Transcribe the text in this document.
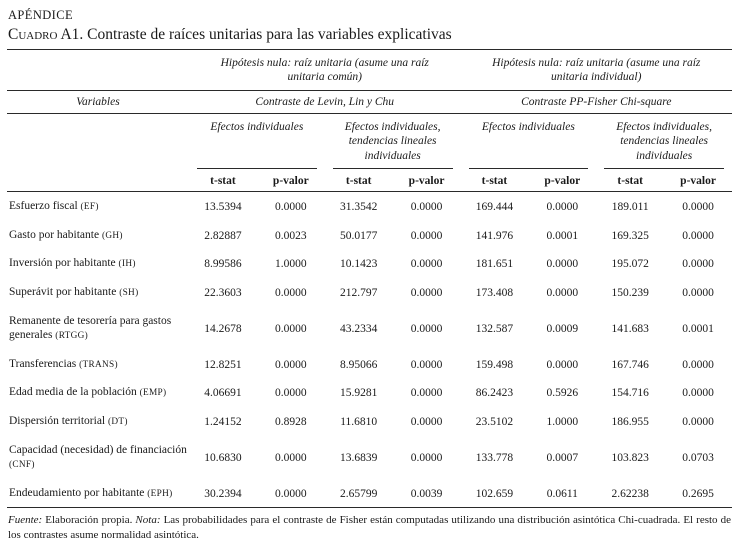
APÉNDICE
Cuadro A1. Contraste de raíces unitarias para las variables explicativas
	Hipótesis nula: raíz unitaria (asume una raíz unitaria común)				Hipótesis nula: raíz unitaria (asume una raíz unitaria individual)			
Variables	Contraste de Levin, Lin y Chu				Contraste PP-Fisher Chi-square			
	Efectos individuales		Efectos individuales, tendencias lineales individuales		Efectos individuales		Efectos individuales, tendencias lineales individuales	
	t-stat	p-valor	t-stat	p-valor	t-stat	p-valor	t-stat	p-valor
Esfuerzo fiscal (EF)	13.5394	0.0000	31.3542	0.0000	169.444	0.0000	189.011	0.0000
Gasto por habitante (GH)	2.82887	0.0023	50.0177	0.0000	141.976	0.0001	169.325	0.0000
Inversión por habitante (IH)	8.99586	1.0000	10.1423	0.0000	181.651	0.0000	195.072	0.0000
Superávit por habitante (SH)	22.3603	0.0000	212.797	0.0000	173.408	0.0000	150.239	0.0000
Remanente de tesorería para gastos generales (RTGG)	14.2678	0.0000	43.2334	0.0000	132.587	0.0009	141.683	0.0001
Transferencias (TRANS)	12.8251	0.0000	8.95066	0.0000	159.498	0.0000	167.746	0.0000
Edad media de la población (EMP)	4.06691	0.0000	15.9281	0.0000	86.2423	0.5926	154.716	0.0000
Dispersión territorial (DT)	1.24152	0.8928	11.6810	0.0000	23.5102	1.0000	186.955	0.0000
Capacidad (necesidad) de financiación (CNF)	10.6830	0.0000	13.6839	0.0000	133.778	0.0007	103.823	0.0703
Endeudamiento por habitante (EPH)	30.2394	0.0000	2.65799	0.0039	102.659	0.0611	2.62238	0.2695
Fuente: Elaboración propia. Nota: Las probabilidades para el contraste de Fisher están computadas utilizando una distribución asintótica Chi-cuadrada. El resto de los contrastes asume normalidad asintótica.
